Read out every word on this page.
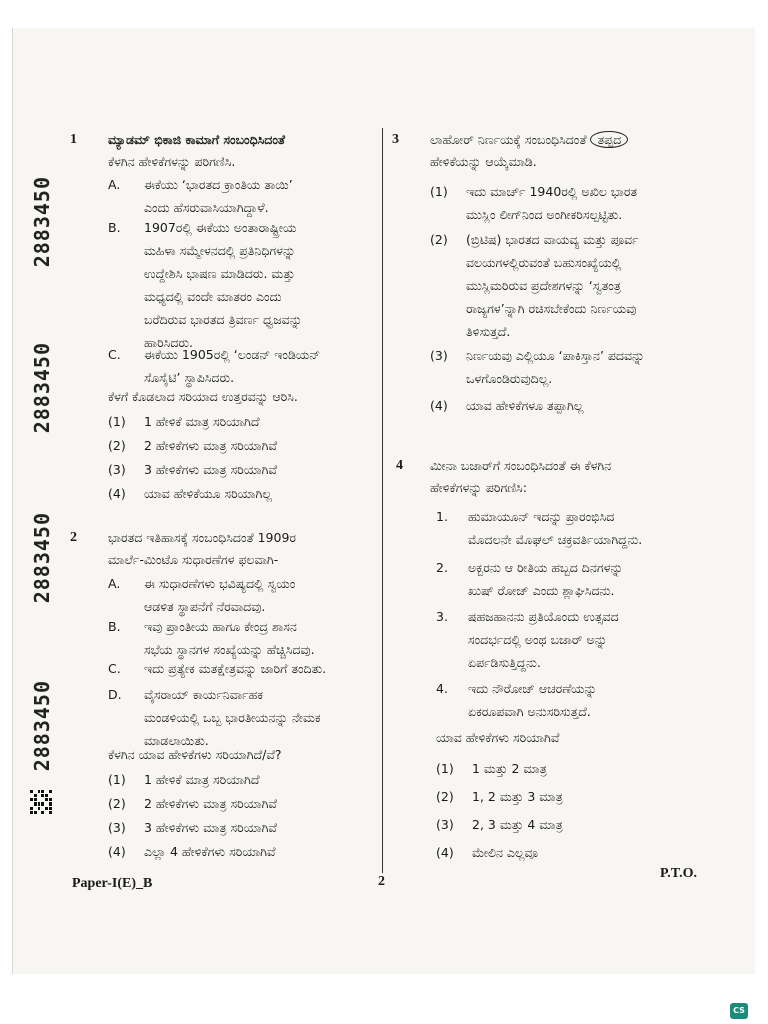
2883450
2883450
2883450
2883450
1 ಮ್ಯಾಡಮ್ ಭಿಕಾಜಿ ಕಾಮಾಗೆ ಸಂಬಂಧಿಸಿದಂತೆ
ಕೆಳಗಿನ ಹೇಳಿಕೆಗಳನ್ನು ಪರಿಗಣಿಸಿ.
A. ಈಕೆಯು ‘ಭಾರತದ ಕ್ರಾಂತಿಯ ತಾಯಿ’
ಎಂದು ಹೆಸರುವಾಸಿಯಾಗಿದ್ದಾಳೆ.
B. 1907ರಲ್ಲಿ ಈಕೆಯು ಅಂತಾರಾಷ್ಟ್ರೀಯ
ಮಹಿಳಾ ಸಮ್ಮೇಳನದಲ್ಲಿ ಪ್ರತಿನಿಧಿಗಳನ್ನು
ಉದ್ದೇಶಿಸಿ ಭಾಷಣ ಮಾಡಿದರು. ಮತ್ತು
ಮಧ್ಯದಲ್ಲಿ ವಂದೇ ಮಾತರಂ ಎಂದು
ಬರೆದಿರುವ ಭಾರತದ ತ್ರಿವರ್ಣ ಧ್ವಜವನ್ನು
ಹಾರಿಸಿದರು.
C. ಈಕೆಯು 1905ರಲ್ಲಿ ‘ಲಂಡನ್ ಇಂಡಿಯನ್
ಸೊಸೈಟಿ’ ಸ್ಥಾಪಿಸಿದರು.
ಕೆಳಗೆ ಕೊಡಲಾದ ಸರಿಯಾದ ಉತ್ತರವನ್ನು ಆರಿಸಿ.
(1) 1 ಹೇಳಿಕೆ ಮಾತ್ರ ಸರಿಯಾಗಿದೆ
(2) 2 ಹೇಳಿಕೆಗಳು ಮಾತ್ರ ಸರಿಯಾಗಿವೆ
(3) 3 ಹೇಳಿಕೆಗಳು ಮಾತ್ರ ಸರಿಯಾಗಿವೆ
(4) ಯಾವ ಹೇಳಿಕೆಯೂ ಸರಿಯಾಗಿಲ್ಲ
2 ಭಾರತದ ಇತಿಹಾಸಕ್ಕೆ ಸಂಬಂಧಿಸಿದಂತೆ 1909ರ
ಮಾರ್ಲೆ-ಮಿಂಟೊ ಸುಧಾರಣೆಗಳ ಫಲವಾಗಿ-
A. ಈ ಸುಧಾರಣೆಗಳು ಭವಿಷ್ಯದಲ್ಲಿ ಸ್ವಯಂ
ಆಡಳಿತ ಸ್ಥಾಪನೆಗೆ ನೆರವಾದವು.
B. ಇವು ಪ್ರಾಂತೀಯ ಹಾಗೂ ಕೇಂದ್ರ ಶಾಸನ
ಸಭೆಯ ಸ್ಥಾನಗಳ ಸಂಖ್ಯೆಯನ್ನು ಹೆಚ್ಚಿಸಿದವು.
C. ಇದು ಪ್ರತ್ಯೇಕ ಮತಕ್ಷೇತ್ರವನ್ನು ಜಾರಿಗೆ ತಂದಿತು.
D. ವೈಸರಾಯ್ ಕಾರ್ಯನಿರ್ವಾಹಕ
ಮಂಡಳಿಯಲ್ಲಿ ಒಬ್ಬ ಭಾರತೀಯನನ್ನು ನೇಮಕ
ಮಾಡಲಾಯಿತು.
ಕೆಳಗಿನ ಯಾವ ಹೇಳಿಕೆಗಳು ಸರಿಯಾಗಿದೆ/ವೆ?
(1) 1 ಹೇಳಿಕೆ ಮಾತ್ರ ಸರಿಯಾಗಿದೆ
(2) 2 ಹೇಳಿಕೆಗಳು ಮಾತ್ರ ಸರಿಯಾಗಿವೆ
(3) 3 ಹೇಳಿಕೆಗಳು ಮಾತ್ರ ಸರಿಯಾಗಿವೆ
(4) ಎಲ್ಲಾ 4 ಹೇಳಿಕೆಗಳು ಸರಿಯಾಗಿವೆ
3 ಲಾಹೋರ್ ನಿರ್ಣಯಕ್ಕೆ ಸಂಬಂಧಿಸಿದಂತೆ ತಪ್ಪದ
ಹೇಳಿಕೆಯನ್ನು ಆಯ್ಕೆಮಾಡಿ.
(1) ಇದು ಮಾರ್ಚ್ 1940ರಲ್ಲಿ ಅಖಿಲ ಭಾರತ
ಮುಸ್ಲಿಂ ಲೀಗ್‌ನಿಂದ ಅಂಗೀಕರಿಸಲ್ಪಟ್ಟಿತು.
(2) (ಬ್ರಿಟಿಷ) ಭಾರತದ ವಾಯವ್ಯ ಮತ್ತು ಪೂರ್ವ
ವಲಯಗಳಲ್ಲಿರುವಂತೆ ಬಹುಸಂಖ್ಯೆಯಲ್ಲಿ
ಮುಸ್ಲಿಮರಿರುವ ಪ್ರದೇಶಗಳನ್ನು ‘ಸ್ವತಂತ್ರ
ರಾಜ್ಯಗಳ’ನ್ನಾಗಿ ರಚಿಸಬೇಕೆಂದು ನಿರ್ಣಯವು
ತಿಳಿಸುತ್ತದೆ.
(3) ನಿರ್ಣಯವು ಎಲ್ಲಿಯೂ ‘ಪಾಕಿಸ್ತಾನ’ ಪದವನ್ನು
ಒಳಗೊಂಡಿರುವುದಿಲ್ಲ.
(4) ಯಾವ ಹೇಳಿಕೆಗಳೂ ತಪ್ಪಾಗಿಲ್ಲ
4 ಮೀನಾ ಬಜಾರ್‌ಗೆ ಸಂಬಂಧಿಸಿದಂತೆ ಈ ಕೆಳಗಿನ
ಹೇಳಿಕೆಗಳನ್ನು ಪರಿಗಣಿಸಿ:
1. ಹುಮಾಯೂನ್ ಇದನ್ನು ಪ್ರಾರಂಭಿಸಿದ
ಮೊದಲನೇ ಮೊಘಲ್ ಚಕ್ರವರ್ತಿಯಾಗಿದ್ದನು.
2. ಅಕ್ಬರನು ಆ ರೀತಿಯ ಹಬ್ಬದ ದಿನಗಳನ್ನು
ಖುಷ್ ರೋಜ್ ಎಂದು ಶ್ಲಾಘಿಸಿದನು.
3. ಷಹಜಹಾನನು ಪ್ರತಿಯೊಂದು ಉತ್ಸವದ
ಸಂದರ್ಭದಲ್ಲಿ ಅಂಥ ಬಜಾರ್ ಅನ್ನು
ಏರ್ಪಡಿಸುತ್ತಿದ್ದನು.
4. ಇದು ನೌರೋಜ್ ಆಚರಣೆಯನ್ನು
ಏಕರೂಪವಾಗಿ ಅನುಸರಿಸುತ್ತದೆ.
ಯಾವ ಹೇಳಿಕೆಗಳು ಸರಿಯಾಗಿವೆ
(1) 1 ಮತ್ತು 2 ಮಾತ್ರ
(2) 1, 2 ಮತ್ತು 3 ಮಾತ್ರ
(3) 2, 3 ಮತ್ತು 4 ಮಾತ್ರ
(4) ಮೇಲಿನ ಎಲ್ಲವೂ
Paper-I(E)_B	2
P.T.O.
CS
